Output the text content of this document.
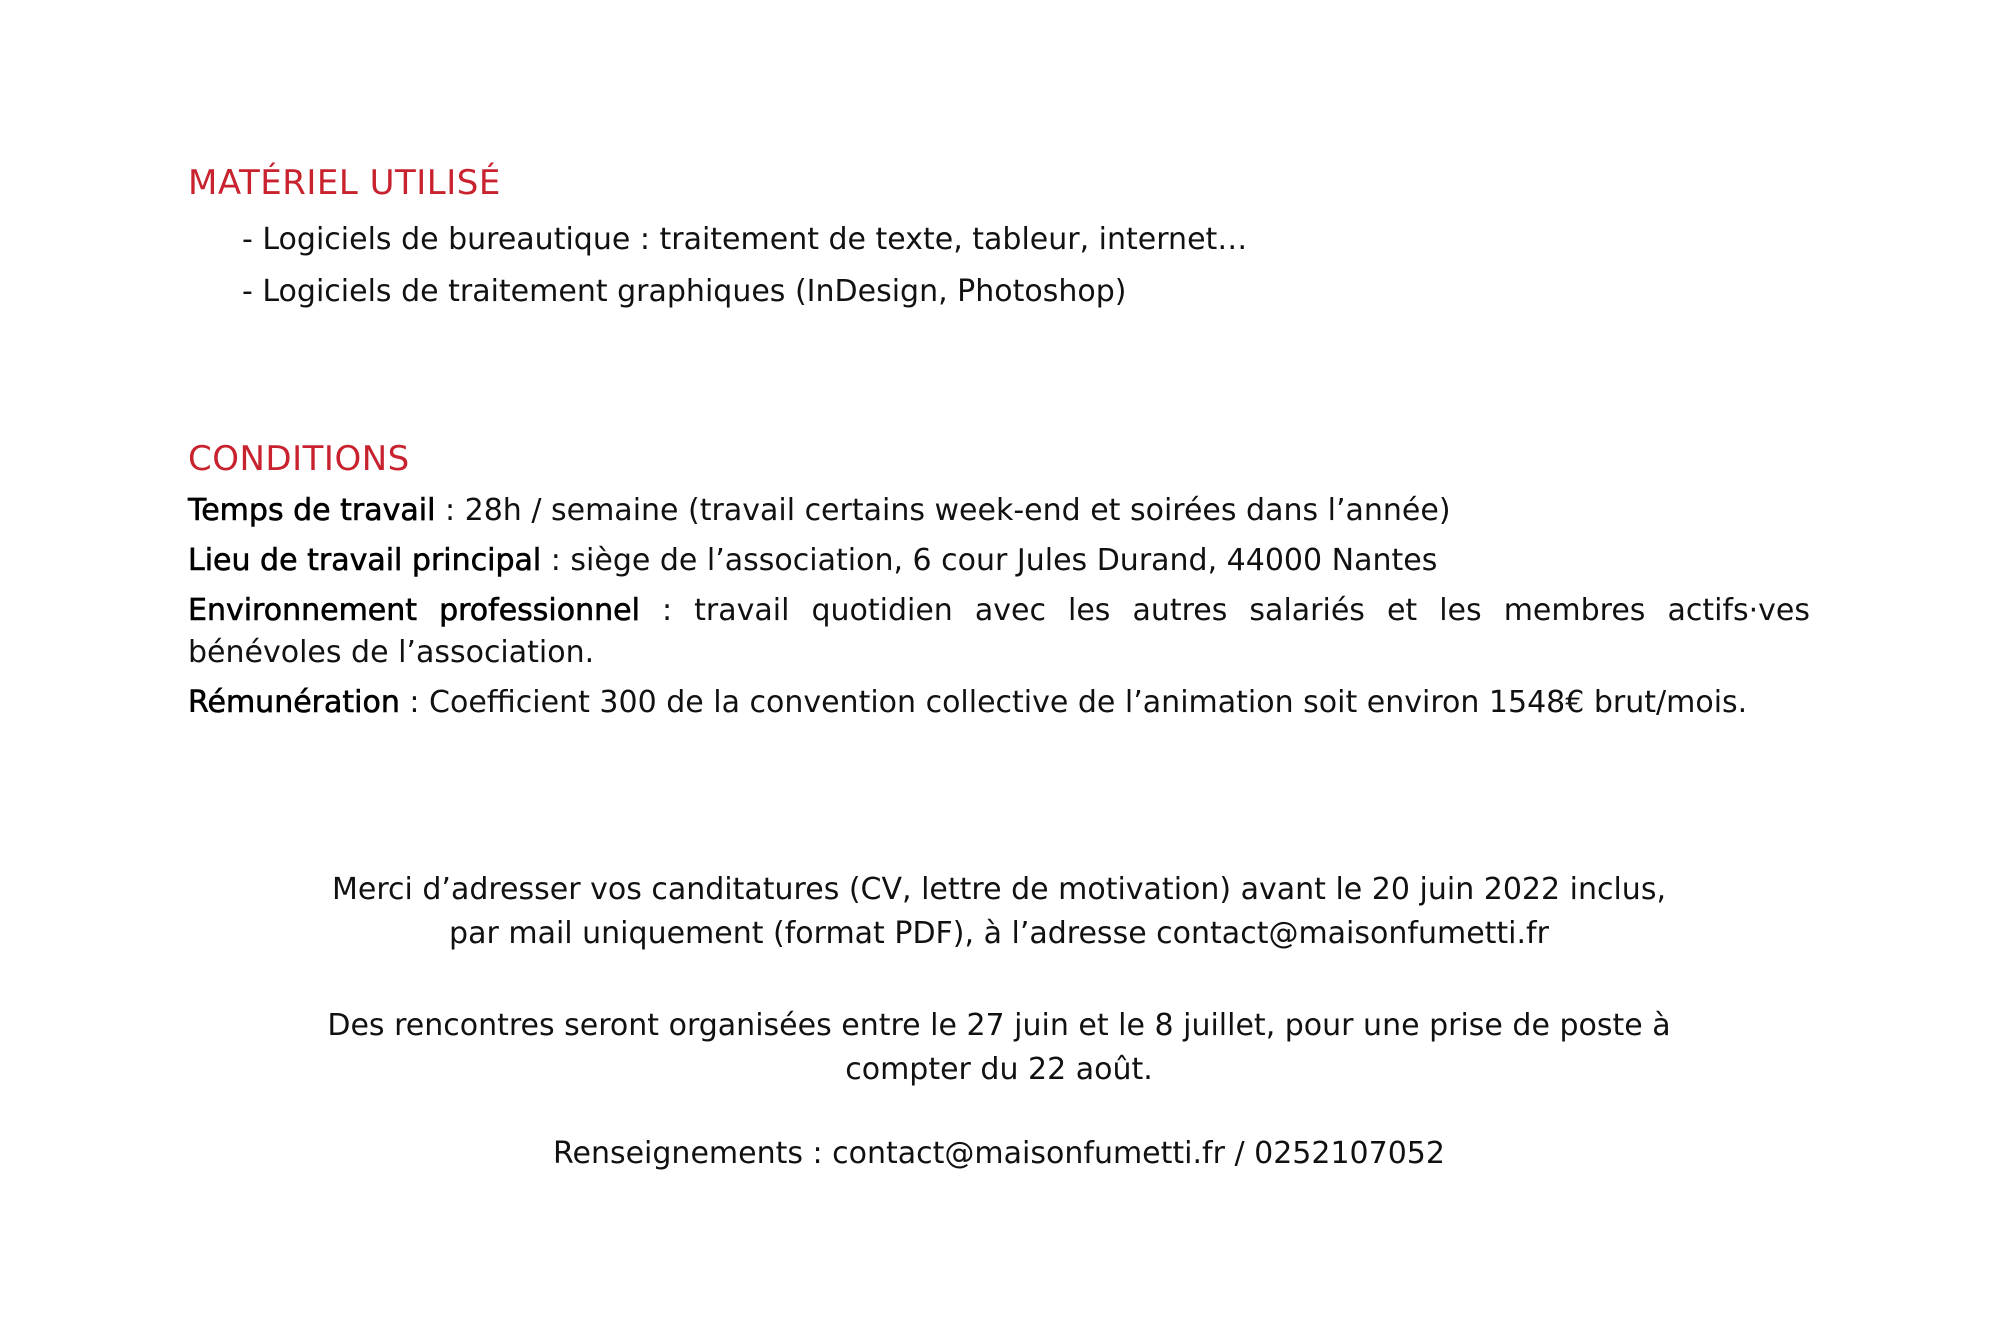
MATÉRIEL UTILISÉ
- Logiciels de bureautique : traitement de texte, tableur, internet…
- Logiciels de traitement graphiques (InDesign, Photoshop)
CONDITIONS

Temps de travail : 28h / semaine (travail certains week-end et soirées dans l’année)

Lieu de travail principal : siège de l’association, 6 cour Jules Durand, 44000 Nantes

Environnement professionnel : travail quotidien avec les autres salariés et les membres actifs·ves bénévoles de l’association.

Rémunération : Coefficient 300 de la convention collective de l’animation soit environ 1548€ brut/mois.

Merci d’adresser vos canditatures (CV, lettre de motivation) avant le 20 juin 2022 inclus,

par mail uniquement (format PDF), à l’adresse contact@maisonfumetti.fr

Des rencontres seront organisées entre le 27 juin et le 8 juillet, pour une prise de poste à

compter du 22 août.

Renseignements : contact@maisonfumetti.fr / 0252107052
